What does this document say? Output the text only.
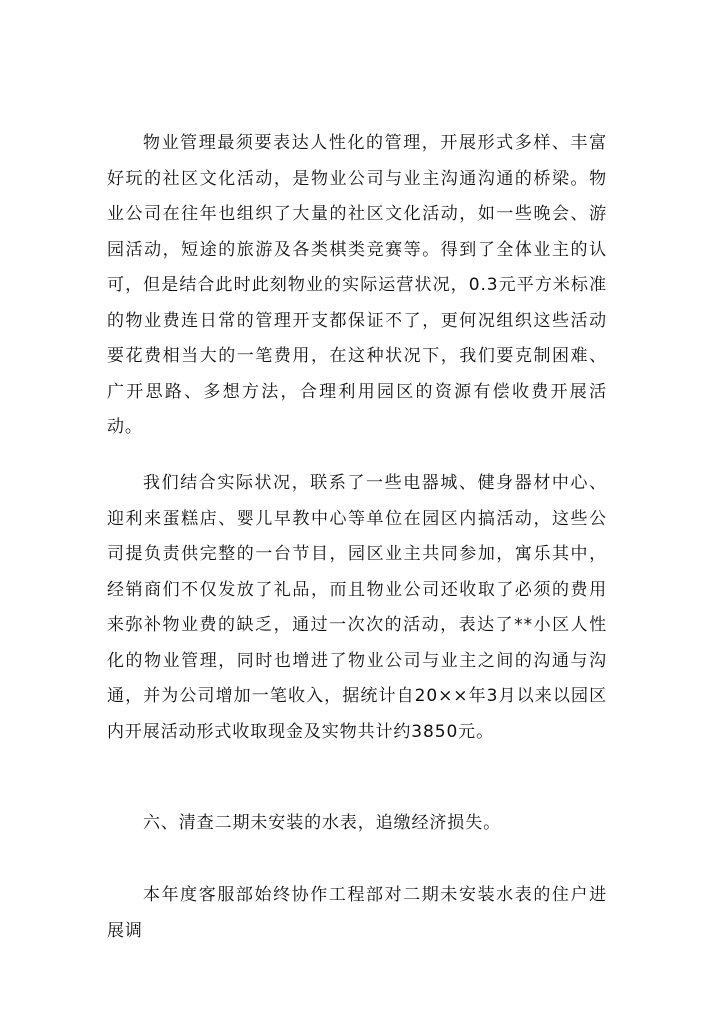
物业管理最须要表达人性化的管理，开展形式多样、丰富好玩的社区文化活动，是物业公司与业主沟通沟通的桥梁。物业公司在往年也组织了大量的社区文化活动，如一些晚会、游园活动，短途的旅游及各类棋类竞赛等。得到了全体业主的认可，但是结合此时此刻物业的实际运营状况，0.3元平方米标准的物业费连日常的管理开支都保证不了，更何况组织这些活动要花费相当大的一笔费用，在这种状况下，我们要克制困难、广开思路、多想方法，合理利用园区的资源有偿收费开展活动。

我们结合实际状况，联系了一些电器城、健身器材中心、迎利来蛋糕店、婴儿早教中心等单位在园区内搞活动，这些公司提负责供完整的一台节目，园区业主共同参加，寓乐其中，经销商们不仅发放了礼品，而且物业公司还收取了必须的费用来弥补物业费的缺乏，通过一次次的活动，表达了**小区人性化的物业管理，同时也增进了物业公司与业主之间的沟通与沟通，并为公司增加一笔收入，据统计自20××年3月以来以园区内开展活动形式收取现金及实物共计约3850元。

六、清查二期未安装的水表，追缴经济损失。

本年度客服部始终协作工程部对二期未安装水表的住户进展调
